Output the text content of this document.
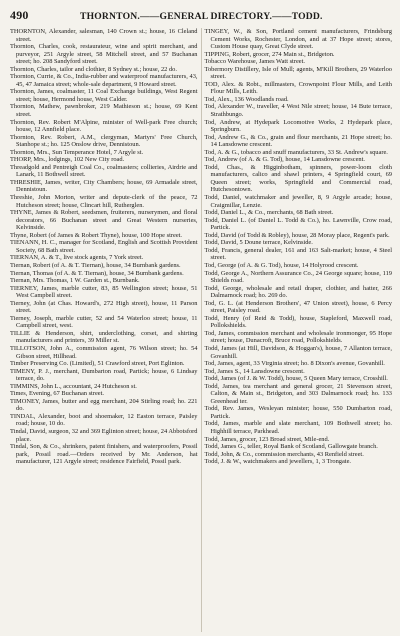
490	THORNTON.——GENERAL DIRECTORY.——TODD.

THORNTON, Alexander, salesman, 140 Crown st.; house, 16 Cleland street.

Thornton, Charles, cook, restaurateur, wine and spirit merchant, and purveyor, 251 Argyle street, 58 Mitchell street, and 57 Buchanan street; ho. 208 Sandyford street.

Thornton, Charles, tailor and clothier, 8 Sydney st.; house, 22 do.

Thornton, Currie, & Co., India-rubber and waterproof manufacturers, 43, 45, 47 Jamaica street; whole-sale department, 9 Howard street.

Thornton, James, coalmaster, 11 Coal Exchange buildings, West Regent street; house, Hermond house, West Calder.

Thornton, Mathew, pawnbroker, 219 Mathieson st.; house, 69 Kent street.

Thornton, Rev. Robert M'Alpine, minister of Well-park Free church; house, 12 Annfield place.

Thornton, Rev. Robert, A.M., clergyman, Martyrs' Free Church, Stanhope st.; ho. 125 Onslow drive, Dennistoun.

Thornton, Mrs., Sun Temperance Hotel, 7 Argyle st.

THORP, Mrs., lodgings, 102 New City road.

Threadgold and Pentreigh Coal Co., coalmasters; collieries, Airdrie and Lanark, 11 Bothwell street.

THRESHIE, James, writer, City Chambers; house, 69 Armadale street, Dennistoun.

Threshie, John Morton, writer and depute-clerk of the peace, 72 Hutcheson street; house, Clincart hill, Rutherglen.

THYNE, James & Robert, seedsmen, fruiterers, nurserymen, and floral decorators, 66 Buchanan street and Great Western nurseries, Kelvinside.

Thyne, Robert (of James & Robert Thyne), house, 100 Hope street.

TIENANN, H. C., manager for Scotland, English and Scottish Provident Society, 68 Bath street.

TIERNAN, A. & T., live stock agents, 7 York street.

Tiernan, Robert (of A. & T. Tiernan), house, 34 Burnbank gardens.

Tiernan, Thomas (of A. & T. Tiernan), house, 34 Burnbank gardens.

Tiernan, Mrs. Thomas, 1 W. Garden st., Burnbank.

TIERNEY, James, marble cutter, 83, 85 Wellington street; house, 51 West Campbell street.

Tierney, John (at Chas. Howard's, 272 High street), house, 11 Parson street.

Tierney, Joseph, marble cutter, 52 and 54 Waterloo street; house, 11 Campbell street, west.

TILLIE & Henderson, shirt, underclothing, corset, and shirting manufacturers and printers, 39 Miller st.

TILLOTSON, John A., commission agent, 76 Wilson street; ho. 54 Gibson street, Hillhead.

Timber Preserving Co. (Limited), 51 Crawford street, Port Eglinton.

TIMENY, P. J., merchant, Dumbarton road, Partick; house, 6 Lindsay terrace, do.

TIMMINS, John L., accountant, 24 Hutcheson st.

Times, Evening, 67 Buchanan street.

TIMONEY, James, butter and egg merchant, 204 Stirling road; ho. 221 do.

TINDAL, Alexander, boot and shoemaker, 12 Easton terrace, Paisley road; house, 10 do.

Tindal, David, surgeon, 32 and 369 Eglinton street; house, 24 Abbotsford place.

Tindal, Son, & Co., shrinkers, patent finishers, and waterproofers, Possil park, Possil road.—Orders received by Mr. Anderson, hat manufacturer, 121 Argyle street; residence Fairfield, Possil park.

TINGEY, W., & Son, Portland cement manufacturers, Frindsburg Cement Works, Rochester, London, and at 37 Hope street; stores, Custom House quay, Great Clyde street.

TIPPING, Robert, grocer, 274 Main st., Bridgeton.

Tobacco Warehouse, James Watt street.

Tobermory Distillery, Isle of Mull; agents, M'Kill Brothers, 29 Waterloo street.

TOD, Alex. & Robt., millmasters, Crownpoint Flour Mills, and Leith Flour Mills, Leith.

Tod, Alex., 136 Woodlands road.

Tod, Alexander W., traveller, 4 West Nile street; house, 14 Bute terrace, Strathbungo.

Tod, Andrew, at Hydepark Locomotive Works, 2 Hydepark place, Springburn.

Tod, Andrew G., & Co., grain and flour merchants, 21 Hope street; ho. 14 Lansdowne crescent.

Tod, A. & G., tobacco and snuff manufacturers, 33 St. Andrew's square.

Tod, Andrew (of A. & G. Tod), house, 14 Lansdowne crescent.

Todd, Chas., & Higginbotham, spinners, power-loom cloth manufacturers, calico and shawl printers, 4 Springfield court, 69 Queen street; works, Springfield and Commercial road, Hutchesontown.

Todd, Daniel, watchmaker and jeweller, 8, 9 Argyle arcade; house, Craigmillar, Lenzie.

Todd, Daniel L., & Co., merchants, 68 Bath street.

Todd, Daniel L. (of Daniel L. Todd & Co.), ho. Lawnville, Crow road, Partick.

Todd, David (of Todd & Robley), house, 28 Moray place, Regent's park.

Todd, David, 5 Doune terrace, Kelvinside.

Todd, Francis, general dealer, 161 and 163 Salt-market; house, 4 Steel street.

Tod, George (of A. & G. Tod), house, 14 Holyrood crescent.

Todd, George A., Northern Assurance Co., 24 George square; house, 119 Shields road.

Todd, George, wholesale and retail draper, clothier, and hatter, 266 Dalmarnock road; ho. 269 do.

Tod, G. L. (at Henderson Brothers', 47 Union street), house, 6 Percy street, Paisley road.

Todd, Henry (of Reid & Todd), house, Stapleford, Maxwell road, Pollokshields.

Tod, James, commission merchant and wholesale ironmonger, 95 Hope street; house, Dunacroft, Bruce road, Pollokshields.

Todd, James (at Hill, Davidson, & Hoggan's), house, 7 Allanton terrace, Govanhill.

Tod, James, agent, 33 Virginia street; ho. 8 Dixon's avenue, Govanhill.

Tod, James S., 14 Lansdowne crescent.

Todd, James (of J. & W. Todd), house, 5 Queen Mary terrace, Crosshill.

Todd, James, tea merchant and general grocer, 21 Stevenson street, Calton, & Main st., Bridgeton, and 303 Dalmarnock road; ho. 133 Greenhead ter.

Todd, Rev. James, Wesleyan minister; house, 550 Dumbarton road, Partick.

Todd, James, marble and slate merchant, 109 Bothwell street; ho. Highhill terrace, Parkhead.

Todd, James, grocer, 123 Broad street, Mile-end.

Todd, James G., teller, Royal Bank of Scotland, Gallowgate branch.

Todd, John, & Co., commission merchants, 43 Renfield street.

Todd, J. & W., watchmakers and jewellers, 1, 3 Trongate.
